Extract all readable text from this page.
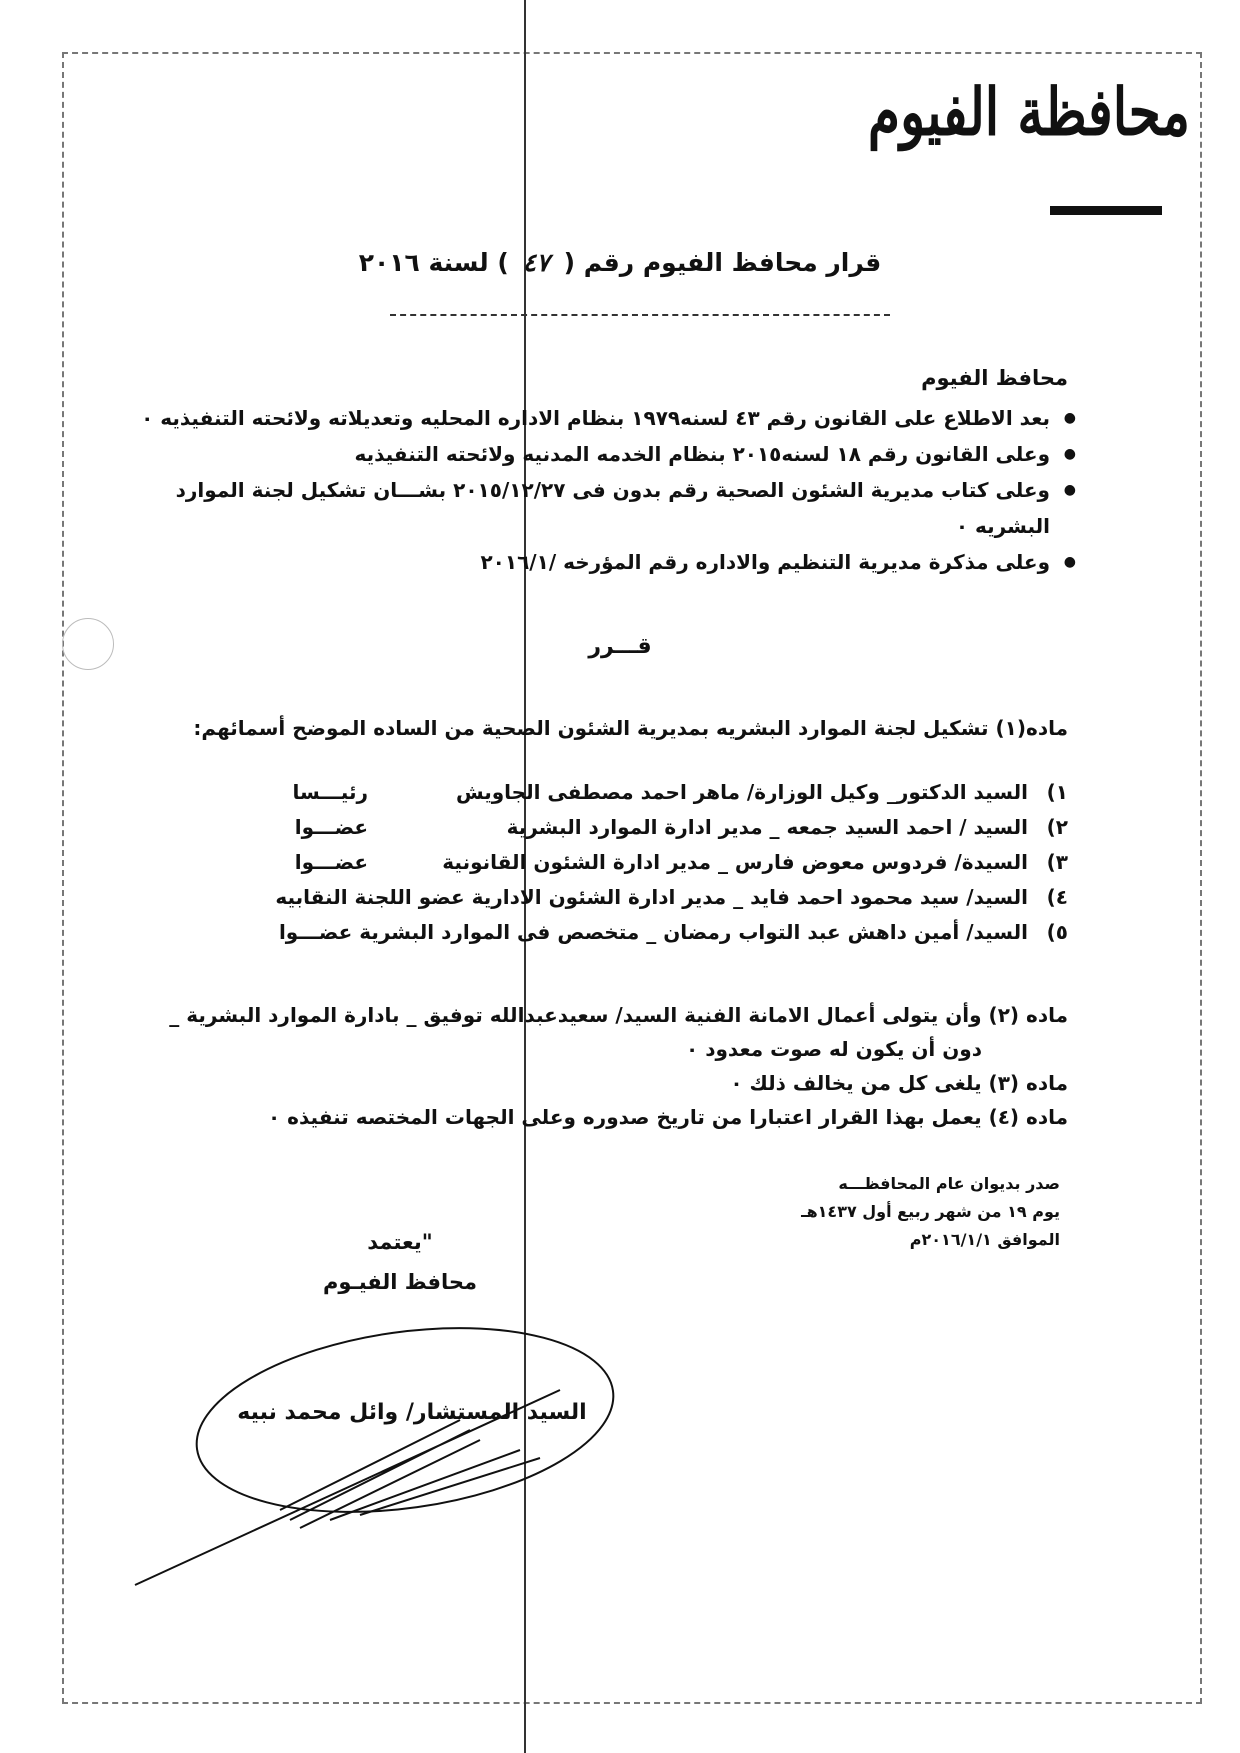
محافظة الفيوم
قرار محافظ الفيوم رقم (٤٧) لسنة ٢٠١٦
محافظ الفيوم
● بعد الاطلاع على القانون رقم ٤٣ لسنه١٩٧٩ بنظام الاداره المحليه وتعديلاته ولائحته التنفيذيه ٠
● وعلى القانون رقم ١٨ لسنه٢٠١٥ بنظام الخدمه المدنيه ولائحته التنفيذيه
● وعلى كتاب مديرية الشئون الصحية رقم بدون فى ٢٠١٥/١٢/٢٧ بشـــان تشكيل لجنة الموارد البشريه ٠
● وعلى مذكرة مديرية التنظيم والاداره رقم المؤرخه /٢٠١٦/١
قـــرر
ماده(١) تشكيل لجنة الموارد البشريه بمديرية الشئون الصحية من الساده الموضح أسمائهم:
١)السيد الدكتور_ وكيل الوزارة/ ماهر احمد مصطفى الجاويش
رئيـــسا
٢)السيد / احمد السيد جمعه _ مدير ادارة الموارد البشرية
عضـــوا
٣)السيدة/ فردوس معوض فارس _ مدير ادارة الشئون القانونية
عضـــوا
٤)السيد/ سيد محمود احمد فايد _ مدير ادارة الشئون الادارية عضو اللجنة النقابيه
٥)السيد/ أمين داهش عبد التواب رمضان _ متخصص فى الموارد البشرية عضـــوا
ماده (٢) وأن يتولى أعمال الامانة الفنية السيد/ سعيدعبدالله توفيق _ بادارة الموارد البشرية _
دون أن يكون له صوت معدود ٠
ماده (٣) يلغى كل من يخالف ذلك ٠
ماده (٤) يعمل بهذا القرار اعتبارا من تاريخ صدوره وعلى الجهات المختصه تنفيذه ٠
صدر بديوان عام المحافظـــه
يوم ١٩ من شهر ربيع أول ١٤٣٧هـ
الموافق ٢٠١٦/١/١م
يعتمد"
محافظ الفيـوم
السيد المستشار/ وائل محمد نبيه
